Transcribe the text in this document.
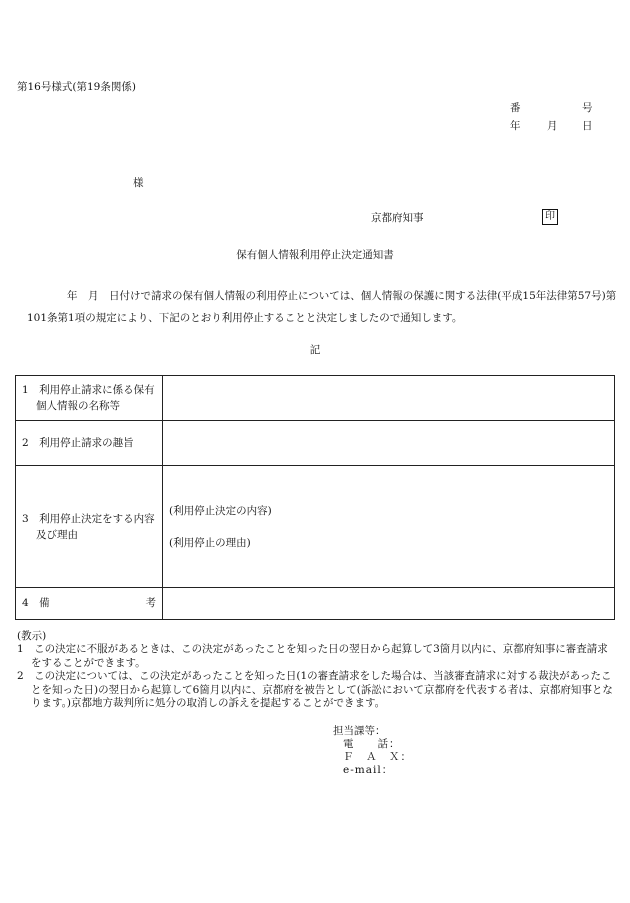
第16号様式(第19条関係)
番	号
年	月 日
様
京都府知事	印
保有個人情報利用停止決定通知書

年　月　日付けで請求の保有個人情報の利用停止については、個人情報の保護に関する法律(平成15年法律第57号)第101条第1項の規定により、下記のとおり利用停止することと決定しましたので通知します。

記
1　利用停止請求に係る保有個人情報の名称等	

2　利用停止請求の趣旨	

3　利用停止決定をする内容及び理由	(利用停止決定の内容)
(利用停止の理由)

4　備 考	

(教示)
1　この決定に不服があるときは、この決定があったことを知った日の翌日から起算して3箇月以内に、京都府知事に審査請求をすることができます。
2　この決定については、この決定があったことを知った日(1の審査請求をした場合は、当該審査請求に対する裁決があったことを知った日)の翌日から起算して6箇月以内に、京都府を被告として(訴訟において京都府を代表する者は、京都府知事となります。)京都地方裁判所に処分の取消しの訴えを提起することができます。
担当課等：
電　　話：
Ｆ　Ａ　Ｘ：
e-mail：
